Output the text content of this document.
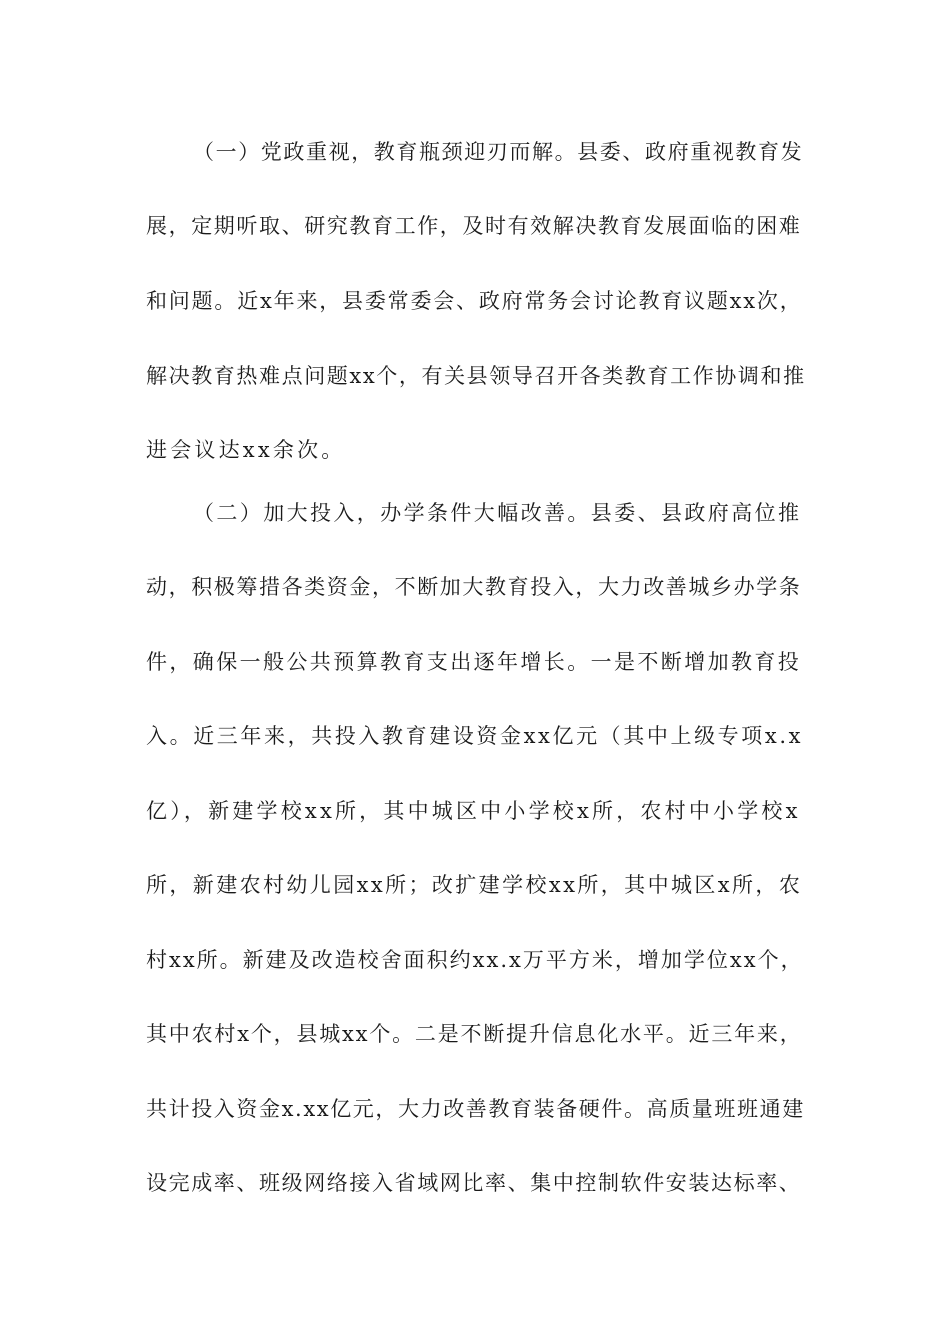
（一）党政重视，教育瓶颈迎刃而解。县委、政府重视教育发

展，定期听取、研究教育工作，及时有效解决教育发展面临的困难

和问题。近x年来，县委常委会、政府常务会讨论教育议题xx次，

解决教育热难点问题xx个，有关县领导召开各类教育工作协调和推

进会议达xx余次。

（二）加大投入，办学条件大幅改善。县委、县政府高位推

动，积极筹措各类资金，不断加大教育投入，大力改善城乡办学条

件，确保一般公共预算教育支出逐年增长。一是不断增加教育投

入。近三年来，共投入教育建设资金xx亿元（其中上级专项x.x

亿），新建学校xx所，其中城区中小学校x所，农村中小学校x

所，新建农村幼儿园xx所；改扩建学校xx所，其中城区x所，农

村xx所。新建及改造校舍面积约xx.x万平方米，增加学位xx个，

其中农村x个，县城xx个。二是不断提升信息化水平。近三年来，

共计投入资金x.xx亿元，大力改善教育装备硬件。高质量班班通建

设完成率、班级网络接入省域网比率、集中控制软件安装达标率、
